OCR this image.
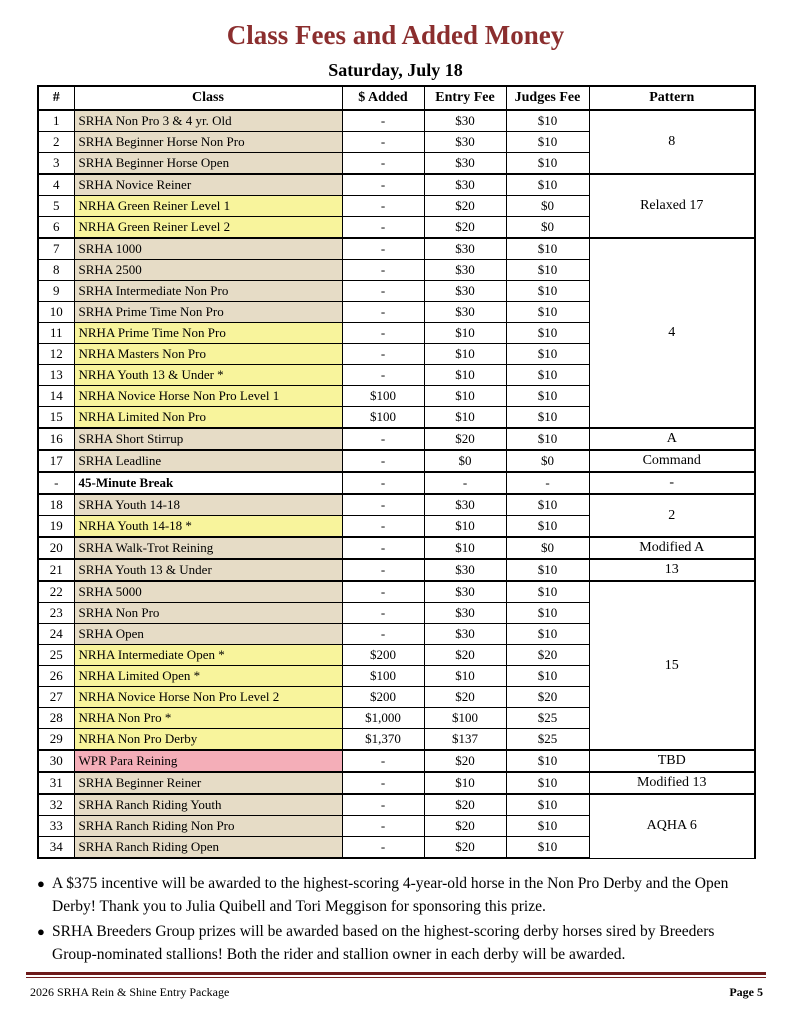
Class Fees and Added Money
Saturday, July 18
#	Class	$ Added	Entry Fee	Judges Fee	Pattern
1	SRHA Non Pro 3 & 4 yr. Old	-	$30	$10	8
2	SRHA Beginner Horse Non Pro	-	$30	$10	
3	SRHA Beginner Horse Open	-	$30	$10	
4	SRHA Novice Reiner	-	$30	$10	Relaxed 17
5	NRHA Green Reiner Level 1	-	$20	$0	
6	NRHA Green Reiner Level 2	-	$20	$0	
7	SRHA 1000	-	$30	$10	4
8	SRHA 2500	-	$30	$10	
9	SRHA Intermediate Non Pro	-	$30	$10	
10	SRHA Prime Time Non Pro	-	$30	$10	
11	NRHA Prime Time Non Pro	-	$10	$10	
12	NRHA Masters Non Pro	-	$10	$10	
13	NRHA Youth 13 & Under *	-	$10	$10	
14	NRHA Novice Horse Non Pro Level 1	$100	$10	$10	
15	NRHA Limited Non Pro	$100	$10	$10	
16	SRHA Short Stirrup	-	$20	$10	A
17	SRHA Leadline	-	$0	$0	Command
-	45-Minute Break	-	-	-	-
18	SRHA Youth 14-18	-	$30	$10	2
19	NRHA Youth 14-18 *	-	$10	$10	
20	SRHA Walk-Trot Reining	-	$10	$0	Modified A
21	SRHA Youth 13 & Under	-	$30	$10	13
22	SRHA 5000	-	$30	$10	15
23	SRHA Non Pro	-	$30	$10	
24	SRHA Open	-	$30	$10	
25	NRHA Intermediate Open *	$200	$20	$20	
26	NRHA Limited Open *	$100	$10	$10	
27	NRHA Novice Horse Non Pro Level 2	$200	$20	$20	
28	NRHA Non Pro *	$1,000	$100	$25	
29	NRHA Non Pro Derby	$1,370	$137	$25	
30	WPR Para Reining	-	$20	$10	TBD
31	SRHA Beginner Reiner	-	$10	$10	Modified 13
32	SRHA Ranch Riding Youth	-	$20	$10	AQHA 6
33	SRHA Ranch Riding Non Pro	-	$20	$10	
34	SRHA Ranch Riding Open	-	$20	$10	
● A $375 incentive will be awarded to the highest-scoring 4-year-old horse in the Non Pro Derby and the Open Derby! Thank you to Julia Quibell and Tori Meggison for sponsoring this prize.
● SRHA Breeders Group prizes will be awarded based on the highest-scoring derby horses sired by Breeders Group-nominated stallions! Both the rider and stallion owner in each derby will be awarded.
2026 SRHA Rein & Shine Entry Package	Page 5
